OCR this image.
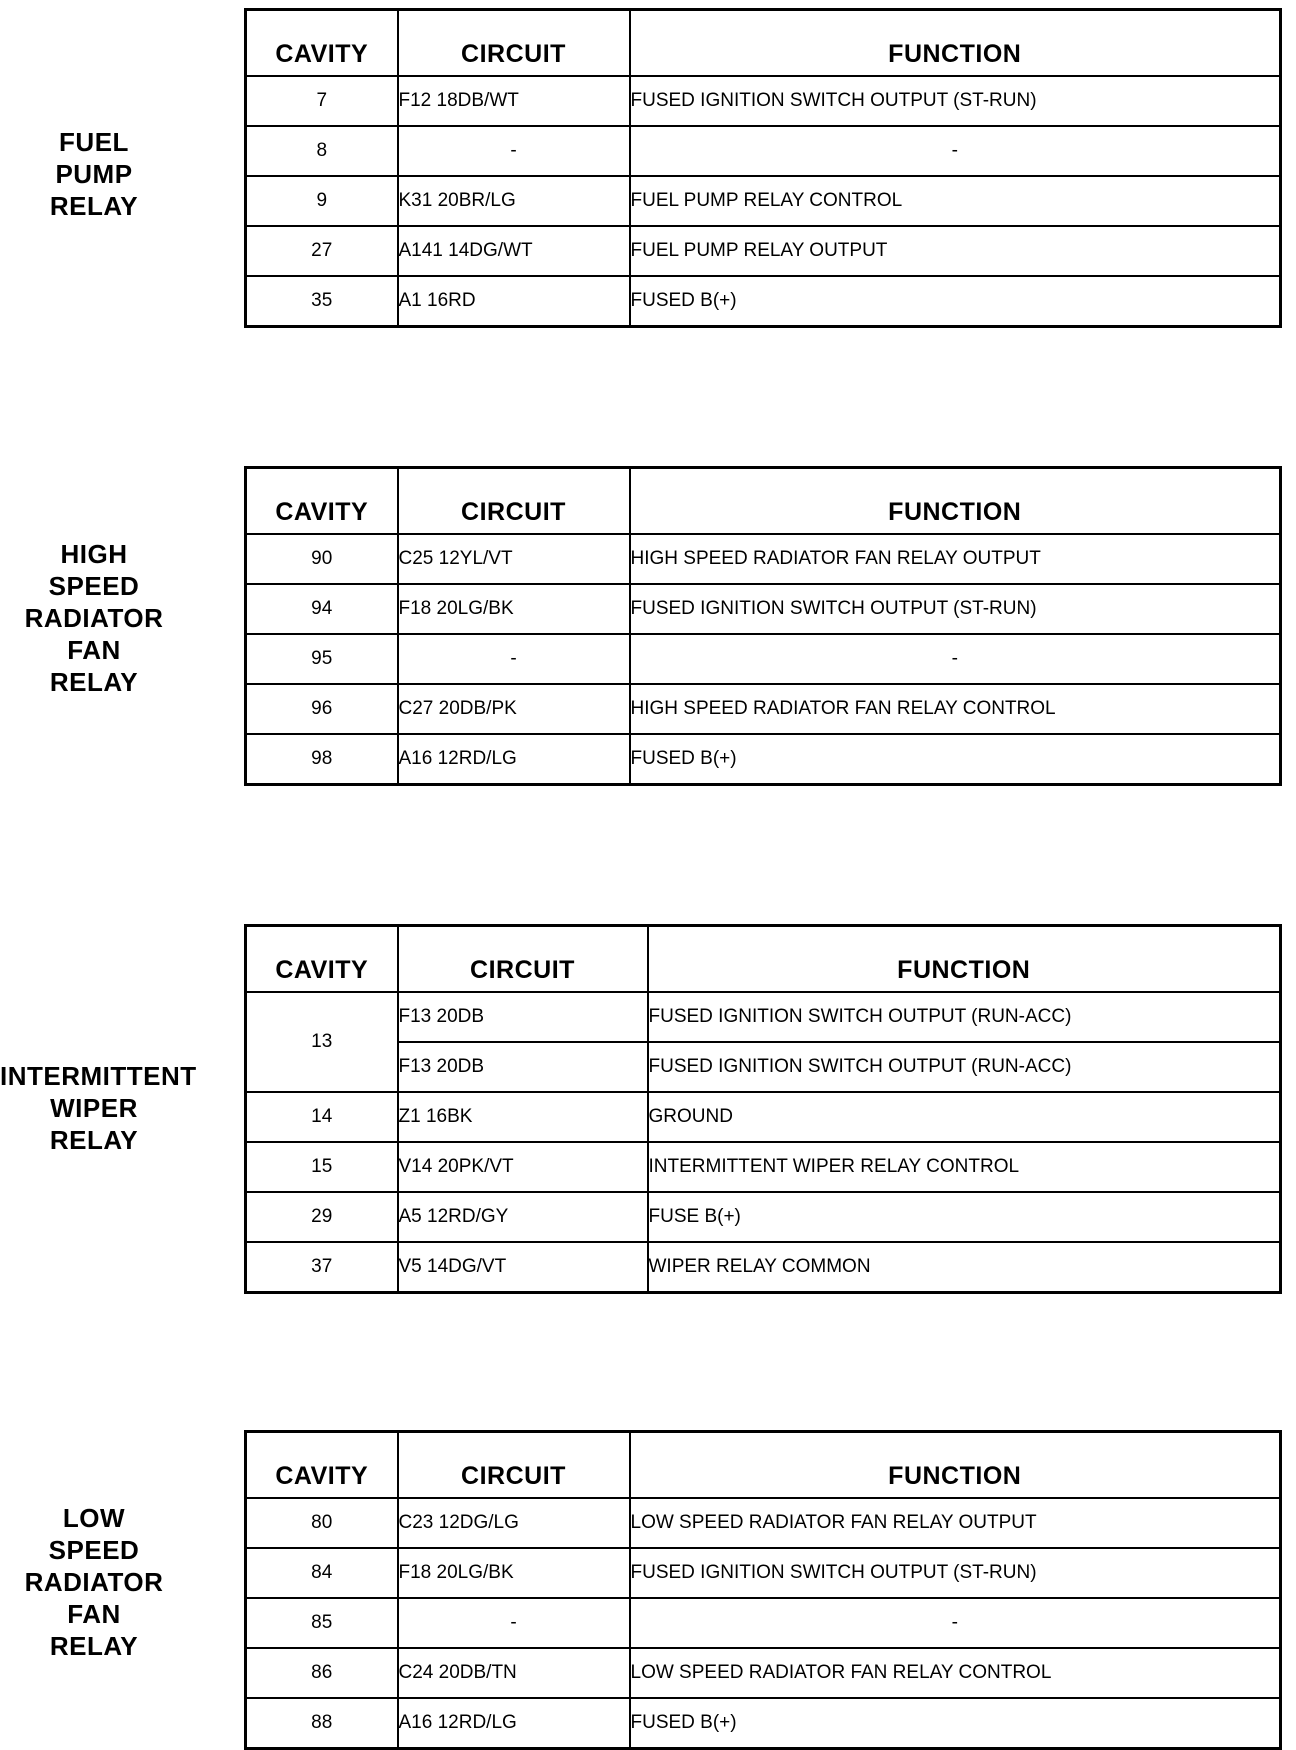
FUEL
PUMP
RELAY
CAVITY	CIRCUIT	FUNCTION
7	F12 18DB/WT	FUSED IGNITION SWITCH OUTPUT (ST-RUN)
8	-	-
9	K31 20BR/LG	FUEL PUMP RELAY CONTROL
27	A141 14DG/WT	FUEL PUMP RELAY OUTPUT
35	A1 16RD	FUSED B(+)
HIGH
SPEED
RADIATOR
FAN
RELAY
CAVITY	CIRCUIT	FUNCTION
90	C25 12YL/VT	HIGH SPEED RADIATOR FAN RELAY OUTPUT
94	F18 20LG/BK	FUSED IGNITION SWITCH OUTPUT (ST-RUN)
95	-	-
96	C27 20DB/PK	HIGH SPEED RADIATOR FAN RELAY CONTROL
98	A16 12RD/LG	FUSED B(+)
INTERMITTENT
WIPER
RELAY
CAVITY	CIRCUIT	FUNCTION
13	F13 20DB	FUSED IGNITION SWITCH OUTPUT (RUN-ACC)
	F13 20DB	FUSED IGNITION SWITCH OUTPUT (RUN-ACC)
14	Z1 16BK	GROUND
15	V14 20PK/VT	INTERMITTENT WIPER RELAY CONTROL
29	A5 12RD/GY	FUSE B(+)
37	V5 14DG/VT	WIPER RELAY COMMON
LOW
SPEED
RADIATOR
FAN
RELAY
CAVITY	CIRCUIT	FUNCTION
80	C23 12DG/LG	LOW SPEED RADIATOR FAN RELAY OUTPUT
84	F18 20LG/BK	FUSED IGNITION SWITCH OUTPUT (ST-RUN)
85	-	-
86	C24 20DB/TN	LOW SPEED RADIATOR FAN RELAY CONTROL
88	A16 12RD/LG	FUSED B(+)
